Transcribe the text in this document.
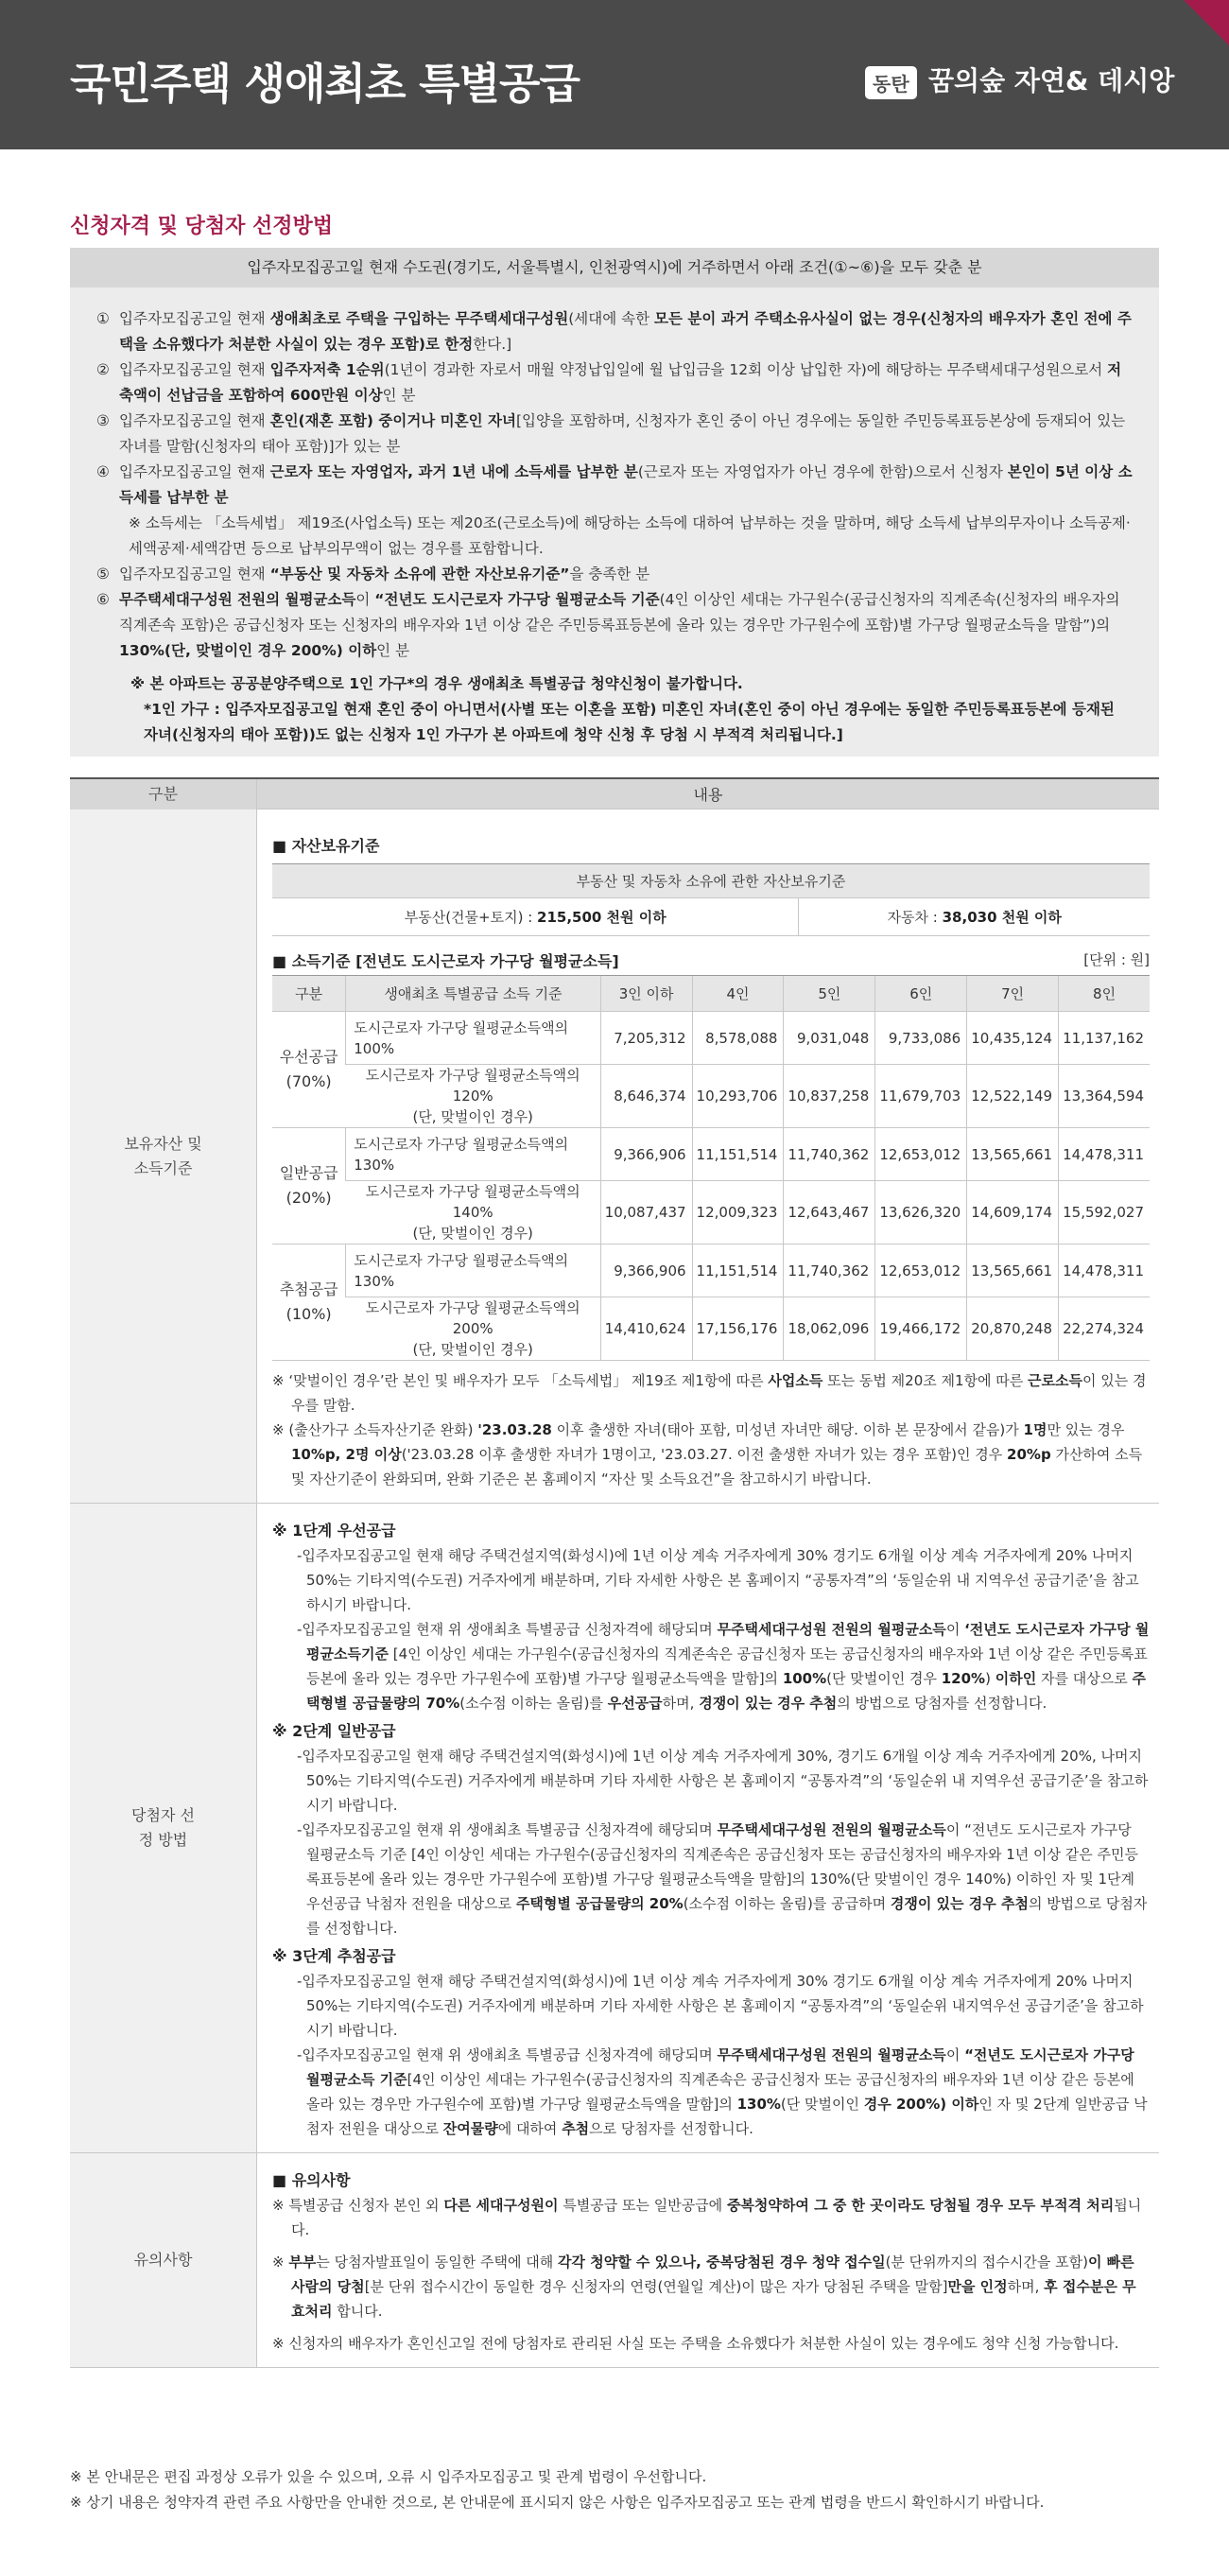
국민주택 생애최초 특별공급	동탄 꿈의숲 자연& 데시앙
신청자격 및 당첨자 선정방법
입주자모집공고일 현재 수도권(경기도, 서울특별시, 인천광역시)에 거주하면서 아래 조건(①~⑥)을 모두 갖춘 분
① 입주자모집공고일 현재 생애최초로 주택을 구입하는 무주택세대구성원(세대에 속한 모든 분이 과거 주택소유사실이 없는 경우(신청자의 배우자가 혼인 전에 주택을 소유했다가 처분한 사실이 있는 경우 포함)로 한정한다.]
② 입주자모집공고일 현재 입주자저축 1순위(1년이 경과한 자로서 매월 약정납입일에 월 납입금을 12회 이상 납입한 자)에 해당하는 무주택세대구성원으로서 저축액이 선납금을 포함하여 600만원 이상인 분
③ 입주자모집공고일 현재 혼인(재혼 포함) 중이거나 미혼인 자녀[입양을 포함하며, 신청자가 혼인 중이 아닌 경우에는 동일한 주민등록표등본상에 등재되어 있는 자녀를 말함(신청자의 태아 포함)]가 있는 분
④ 입주자모집공고일 현재 근로자 또는 자영업자, 과거 1년 내에 소득세를 납부한 분(근로자 또는 자영업자가 아닌 경우에 한함)으로서 신청자 본인이 5년 이상 소득세를 납부한 분
※ 소득세는 「소득세법」 제19조(사업소득) 또는 제20조(근로소득)에 해당하는 소득에 대하여 납부하는 것을 말하며, 해당 소득세 납부의무자이나 소득공제·세액공제·세액감면 등으로 납부의무액이 없는 경우를 포함합니다.
⑤ 입주자모집공고일 현재 “부동산 및 자동차 소유에 관한 자산보유기준”을 충족한 분
⑥ 무주택세대구성원 전원의 월평균소득이 “전년도 도시근로자 가구당 월평균소득 기준(4인 이상인 세대는 가구원수(공급신청자의 직계존속(신청자의 배우자의 직계존속 포함)은 공급신청자 또는 신청자의 배우자와 1년 이상 같은 주민등록표등본에 올라 있는 경우만 가구원수에 포함)별 가구당 월평균소득을 말함”)의 130%(단, 맞벌이인 경우 200%) 이하인 분
※ 본 아파트는 공공분양주택으로 1인 가구*의 경우 생애최초 특별공급 청약신청이 불가합니다.
*1인 가구 : 입주자모집공고일 현재 혼인 중이 아니면서(사별 또는 이혼을 포함) 미혼인 자녀(혼인 중이 아닌 경우에는 동일한 주민등록표등본에 등재된 자녀(신청자의 태아 포함))도 없는 신청자 1인 가구가 본 아파트에 청약 신청 후 당첨 시 부적격 처리됩니다.]
구분	내용
보유자산 및 소득기준
■ 자산보유기준
부동산 및 자동차 소유에 관한 자산보유기준
부동산(건물+토지) : 215,500 천원 이하	자동차 : 38,030 천원 이하
■ 소득기준 [전년도 도시근로자 가구당 월평균소득]	[단위 : 원]
구분	생애최초 특별공급 소득 기준	3인 이하	4인	5인	6인	7인	8인

우선공급
(70%)	도시근로자 가구당 월평균소득액의 100%	7,205,312	8,578,088	9,031,048	9,733,086	10,435,124	11,137,162

	도시근로자 가구당 월평균소득액의 120%
(단, 맞벌이인 경우)	8,646,374	10,293,706	10,837,258	11,679,703	12,522,149	13,364,594

일반공급
(20%)	도시근로자 가구당 월평균소득액의 130%	9,366,906	11,151,514	11,740,362	12,653,012	13,565,661	14,478,311

	도시근로자 가구당 월평균소득액의 140%
(단, 맞벌이인 경우)	10,087,437	12,009,323	12,643,467	13,626,320	14,609,174	15,592,027

추첨공급
(10%)	도시근로자 가구당 월평균소득액의 130%	9,366,906	11,151,514	11,740,362	12,653,012	13,565,661	14,478,311

	도시근로자 가구당 월평균소득액의 200%
(단, 맞벌이인 경우)	14,410,624	17,156,176	18,062,096	19,466,172	20,870,248	22,274,324
※ ‘맞벌이인 경우’란 본인 및 배우자가 모두 「소득세법」 제19조 제1항에 따른 사업소득 또는 동법 제20조 제1항에 따른 근로소득이 있는 경우를 말함.
※ (출산가구 소득자산기준 완화) '23.03.28 이후 출생한 자녀(태아 포함, 미성년 자녀만 해당. 이하 본 문장에서 같음)가 1명만 있는 경우 10%p, 2명 이상('23.03.28 이후 출생한 자녀가 1명이고, '23.03.27. 이전 출생한 자녀가 있는 경우 포함)인 경우 20%p 가산하여 소득 및 자산기준이 완화되며, 완화 기준은 본 홈페이지 “자산 및 소득요건”을 참고하시기 바랍니다.
당첨자 선정 방법
※ 1단계 우선공급
-입주자모집공고일 현재 해당 주택건설지역(화성시)에 1년 이상 계속 거주자에게 30% 경기도 6개월 이상 계속 거주자에게 20% 나머지 50%는 기타지역(수도권) 거주자에게 배분하며, 기타 자세한 사항은 본 홈페이지 “공통자격”의 ‘동일순위 내 지역우선 공급기준’을 참고하시기 바랍니다.
-입주자모집공고일 현재 위 생애최초 특별공급 신청자격에 해당되며 무주택세대구성원 전원의 월평균소득이 ‘전년도 도시근로자 가구당 월평균소득기준 [4인 이상인 세대는 가구원수(공급신청자의 직계존속은 공급신청자 또는 공급신청자의 배우자와 1년 이상 같은 주민등록표등본에 올라 있는 경우만 가구원수에 포함)별 가구당 월평균소득액을 말함]의 100%(단 맞벌이인 경우 120%) 이하인 자를 대상으로 주택형별 공급물량의 70%(소수점 이하는 올림)를 우선공급하며, 경쟁이 있는 경우 추첨의 방법으로 당첨자를 선정합니다.
※ 2단계 일반공급
-입주자모집공고일 현재 해당 주택건설지역(화성시)에 1년 이상 계속 거주자에게 30%, 경기도 6개월 이상 계속 거주자에게 20%, 나머지 50%는 기타지역(수도권) 거주자에게 배분하며 기타 자세한 사항은 본 홈페이지 “공통자격”의 ‘동일순위 내 지역우선 공급기준’을 참고하시기 바랍니다.
-입주자모집공고일 현재 위 생애최초 특별공급 신청자격에 해당되며 무주택세대구성원 전원의 월평균소득이 “전년도 도시근로자 가구당 월평균소득 기준 [4인 이상인 세대는 가구원수(공급신청자의 직계존속은 공급신청자 또는 공급신청자의 배우자와 1년 이상 같은 주민등록표등본에 올라 있는 경우만 가구원수에 포함)별 가구당 월평균소득액을 말함]의 130%(단 맞벌이인 경우 140%) 이하인 자 및 1단계 우선공급 낙첨자 전원을 대상으로 주택형별 공급물량의 20%(소수점 이하는 올림)를 공급하며 경쟁이 있는 경우 추첨의 방법으로 당첨자를 선정합니다.
※ 3단계 추첨공급
-입주자모집공고일 현재 해당 주택건설지역(화성시)에 1년 이상 계속 거주자에게 30% 경기도 6개월 이상 계속 거주자에게 20% 나머지 50%는 기타지역(수도권) 거주자에게 배분하며 기타 자세한 사항은 본 홈페이지 “공통자격”의 ‘동일순위 내지역우선 공급기준’을 참고하시기 바랍니다.
-입주자모집공고일 현재 위 생애최초 특별공급 신청자격에 해당되며 무주택세대구성원 전원의 월평균소득이 “전년도 도시근로자 가구당 월평균소득 기준[4인 이상인 세대는 가구원수(공급신청자의 직계존속은 공급신청자 또는 공급신청자의 배우자와 1년 이상 같은 등본에 올라 있는 경우만 가구원수에 포함)별 가구당 월평균소득액을 말함]의 130%(단 맞벌이인 경우 200%) 이하인 자 및 2단계 일반공급 낙첨자 전원을 대상으로 잔여물량에 대하여 추첨으로 당첨자를 선정합니다.
유의사항
■ 유의사항
※ 특별공급 신청자 본인 외 다른 세대구성원이 특별공급 또는 일반공급에 중복청약하여 그 중 한 곳이라도 당첨될 경우 모두 부적격 처리됩니다.
※ 부부는 당첨자발표일이 동일한 주택에 대해 각각 청약할 수 있으나, 중복당첨된 경우 청약 접수일(분 단위까지의 접수시간을 포함)이 빠른 사람의 당첨[분 단위 접수시간이 동일한 경우 신청자의 연령(연월일 계산)이 많은 자가 당첨된 주택을 말함]만을 인정하며, 후 접수분은 무효처리 합니다.
※ 신청자의 배우자가 혼인신고일 전에 당첨자로 관리된 사실 또는 주택을 소유했다가 처분한 사실이 있는 경우에도 청약 신청 가능합니다.
※ 본 안내문은 편집 과정상 오류가 있을 수 있으며, 오류 시 입주자모집공고 및 관계 법령이 우선합니다.
※ 상기 내용은 청약자격 관련 주요 사항만을 안내한 것으로, 본 안내문에 표시되지 않은 사항은 입주자모집공고 또는 관계 법령을 반드시 확인하시기 바랍니다.
